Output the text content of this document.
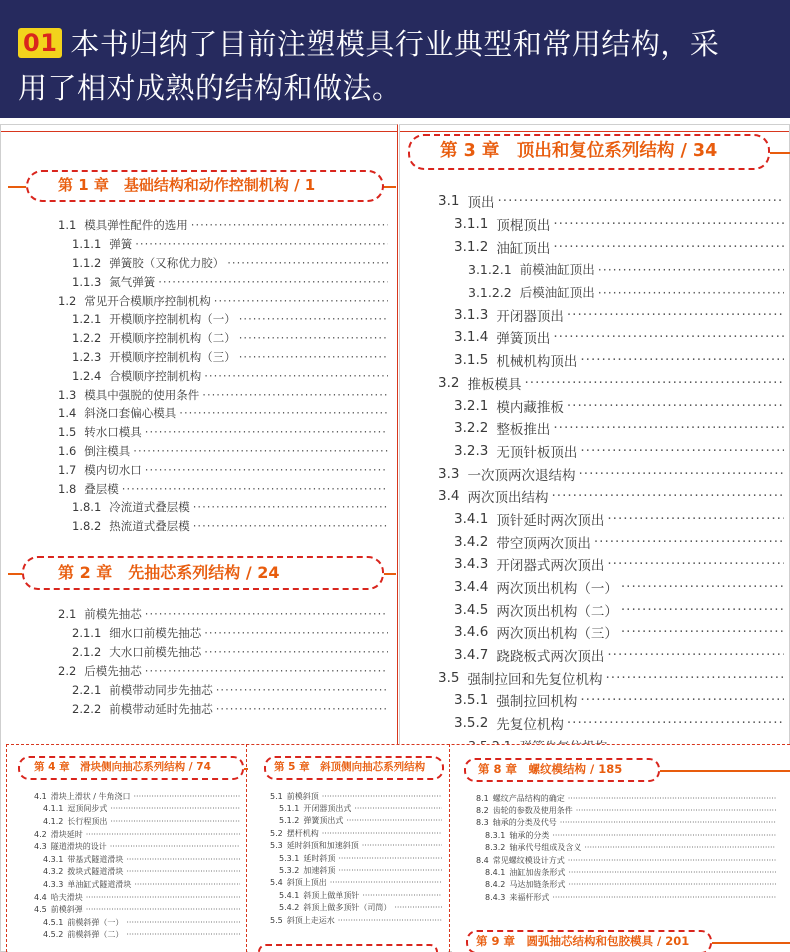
01 本书归纳了目前注塑模具行业典型和常用结构，采
用了相对成熟的结构和做法。
第 1 章　基础结构和动作控制机构 / 1
1.1 模具弹性配件的选用
·····
1.1.1 弹簧
·····
1.1.2 弹簧胶（又称优力胶）
·····
1.1.3 氮气弹簧
·····
1.2 常见开合模顺序控制机构
·····
1.2.1 开模顺序控制机构（一）
·····
1.2.2 开模顺序控制机构（二）
·····
1.2.3 开模顺序控制机构（三）
·····
1.2.4 合模顺序控制机构
·····
1.3 模具中强脱的使用条件
·····
1.4 斜浇口套偏心模具
·····
1.5 转水口模具
·····
1.6 倒注模具
·····
1.7 模内切水口
·····
1.8 叠层模
·····
1.8.1 冷流道式叠层模
·····
1.8.2 热流道式叠层模
·····
第 2 章　先抽芯系列结构 / 24
2.1 前模先抽芯
·····
2.1.1 细水口前模先抽芯
·····
2.1.2 大水口前模先抽芯
·····
2.2 后模先抽芯
·····
2.2.1 前模带动同步先抽芯
·····
2.2.2 前模带动延时先抽芯
·····
第 3 章　顶出和复位系列结构 / 34
3.1 顶出
·····
3.1.1 顶棍顶出
·····
3.1.2 油缸顶出
·····
3.1.2.1 前模油缸顶出
·····
3.1.2.2 后模油缸顶出
·····
3.1.3 开闭器顶出
·····
3.1.4 弹簧顶出
·····
3.1.5 机械机构顶出
·····
3.2 推板模具
·····
3.2.1 模内藏推板
·····
3.2.2 整板推出
·····
3.2.3 无顶针板顶出
·····
3.3 一次顶两次退结构
·····
3.4 两次顶出结构
·····
3.4.1 顶针延时两次顶出
·····
3.4.2 带空顶两次顶出
·····
3.4.3 开闭器式两次顶出
·····
3.4.4 两次顶出机构（一）
·····
3.4.5 两次顶出机构（二）
·····
3.4.6 两次顶出机构（三）
·····
3.4.7 跷跷板式两次顶出
·····
3.5 强制拉回和先复位机构
·····
3.5.1 强制拉回机构
·····
3.5.2 先复位机构
·····
·····
第 4 章　滑块侧向抽芯系列结构 / 74
4.1 滑块上滑状 / 牛角浇口
·····
4.1.1 逗顶间步式
·····
4.1.2 长行程顶出
·····
4.2 滑块延时
·····
4.3 隧道滑块的设计
·····
4.3.1 带基式隧道滑块
·····
4.3.2 拨块式隧道滑块
·····
4.3.3 单油缸式隧道滑块
·····
4.4 哈夫滑块
·····
4.5 前模斜弹
·····
4.5.1 前模斜弹（一）
·····
4.5.2 前模斜弹（二）
·····
第 5 章　斜顶侧向抽芯系列结构
5.1 前模斜顶
·····
5.1.1 开闭器顶出式
·····
5.1.2 弹簧顶出式
·····
5.2 摆杆机构
·····
5.3 延时斜顶和加速斜顶
·····
5.3.1 延时斜顶
·····
5.3.2 加速斜顶
·····
5.4 斜顶上顶出
·····
5.4.1 斜顶上做单顶针
·····
5.4.2 斜顶上做多顶针（司筒）
·····
5.5 斜顶上走运水
·····
第 8 章　螺纹模结构 / 185
8.1 螺纹产品结构的确定
·····
8.2 齿轮的参数及使用条件
·····
8.3 轴承的分类及代号
·····
8.3.1 轴承的分类
·····
8.3.2 轴承代号组成及含义
·····
8.4 常见螺纹模设计方式
·····
8.4.1 油缸加齿条形式
·····
8.4.2 马达加链条形式
·····
8.4.3 来福杆形式
·····
第 9 章　圆弧抽芯结构和包胶模具 / 201
